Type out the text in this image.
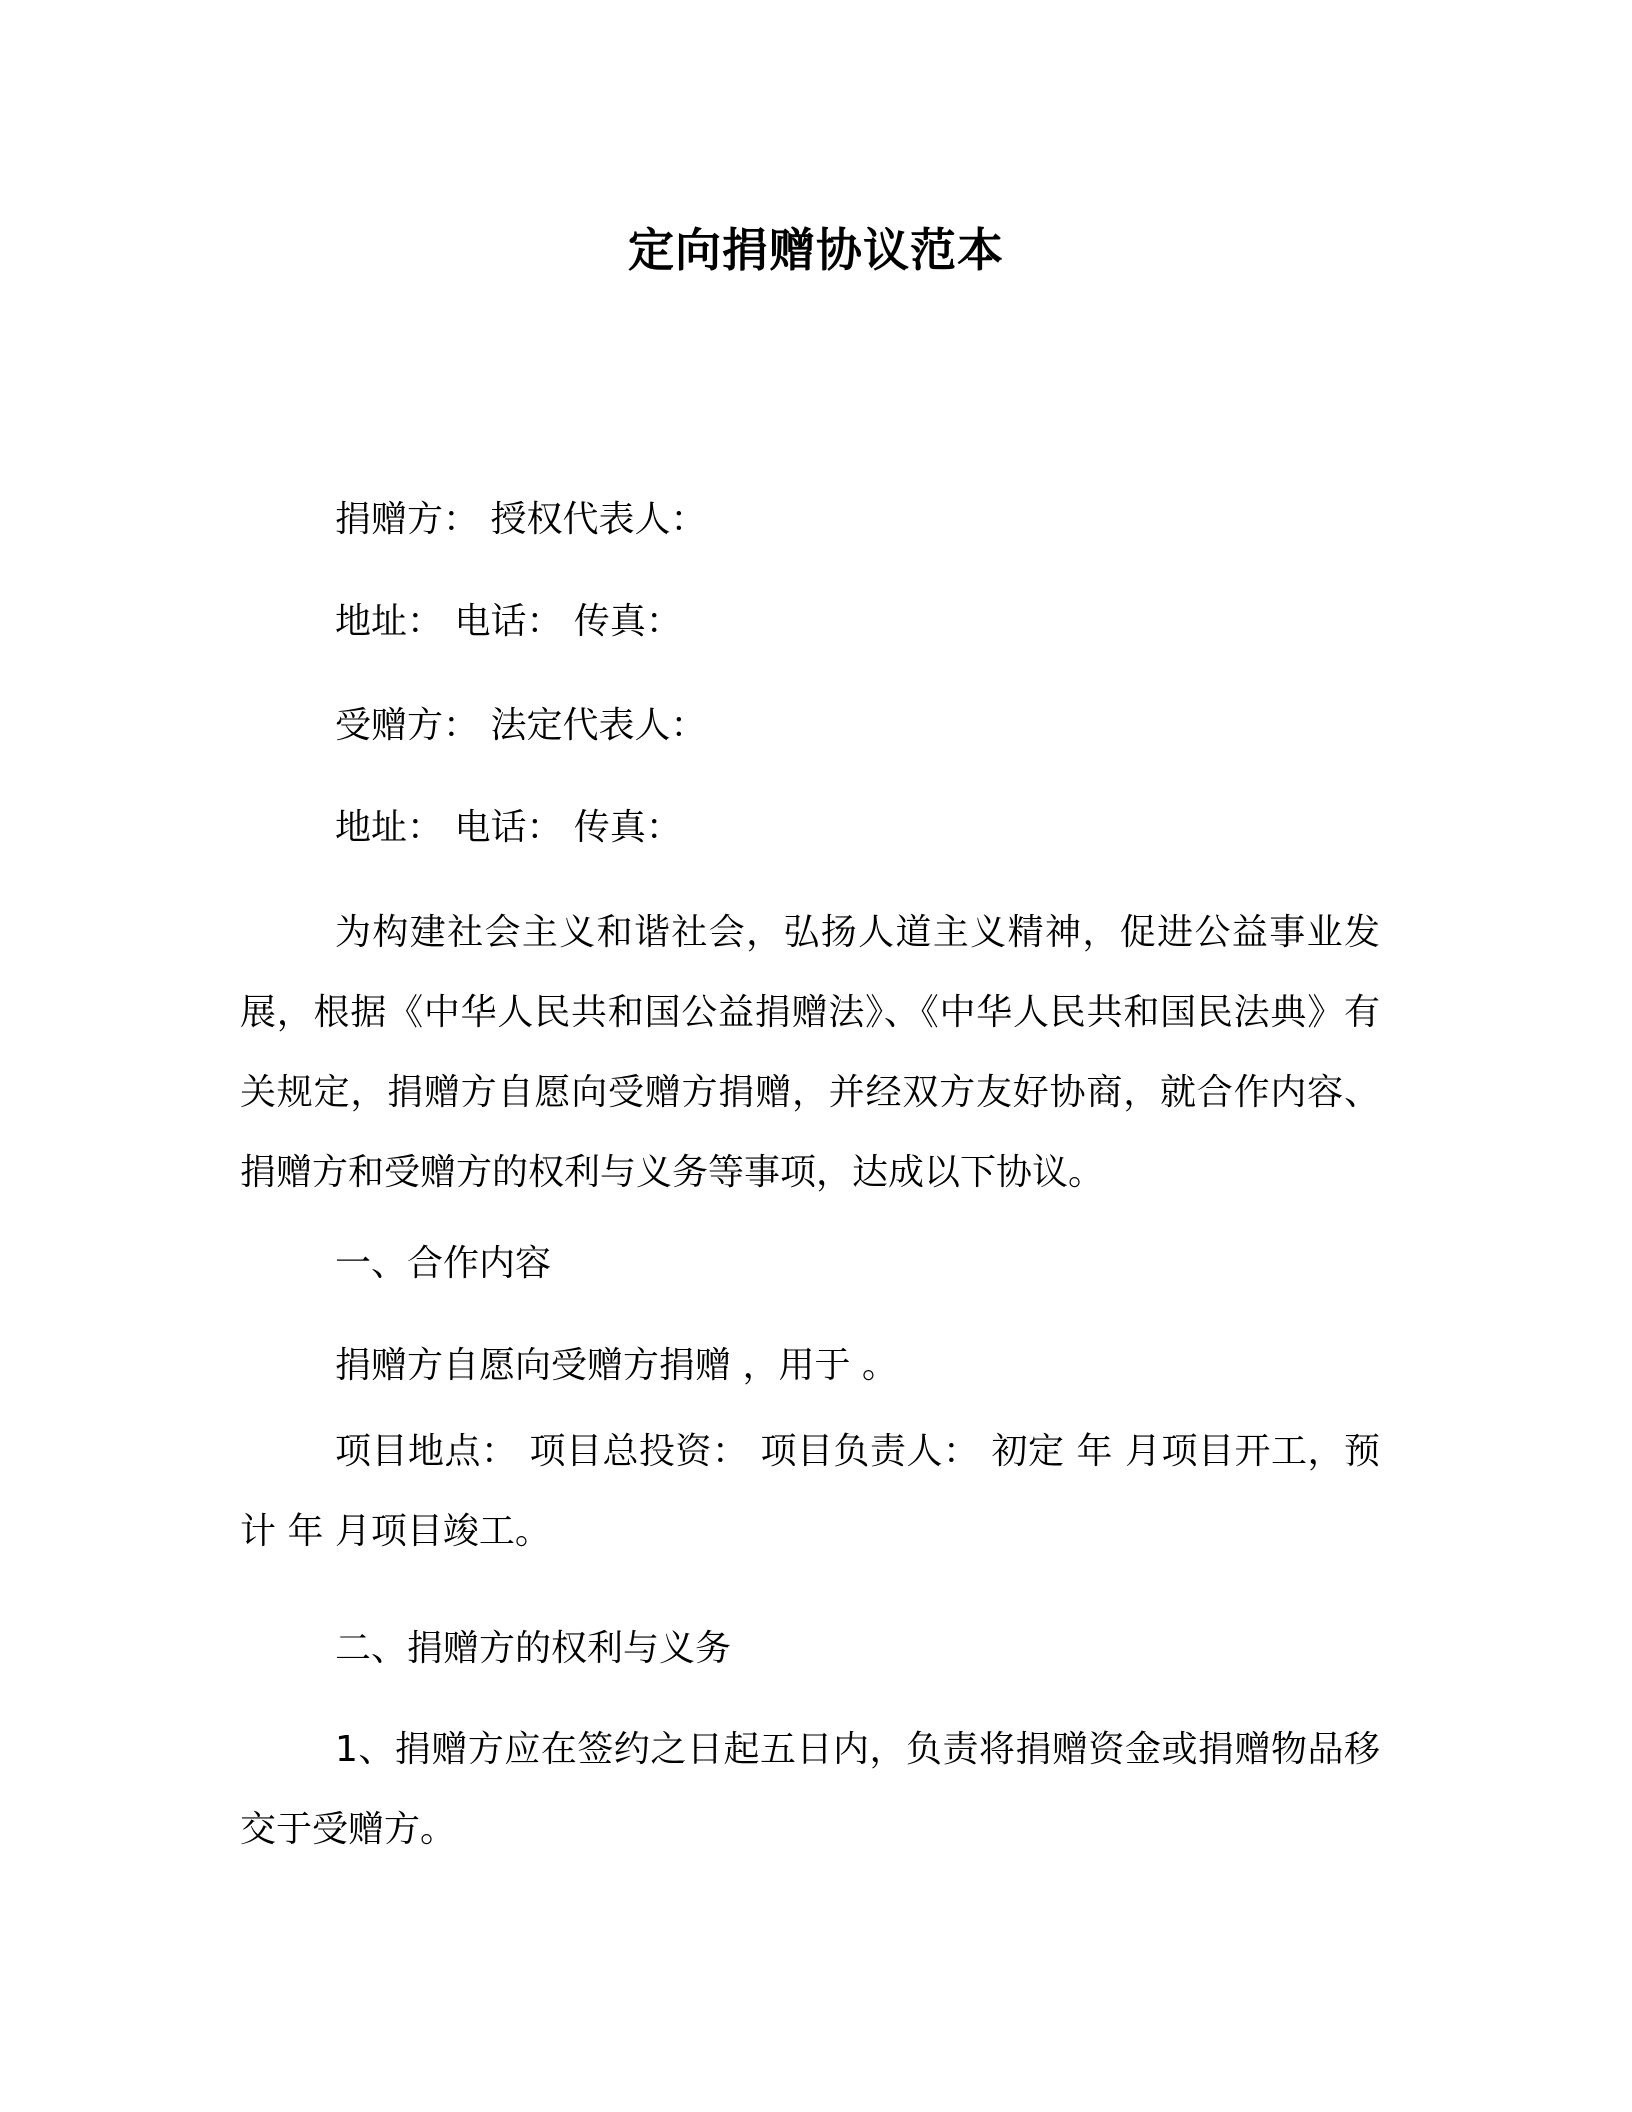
定向捐赠协议范本
捐赠方： 授权代表人：
地址： 电话： 传真：
受赠方： 法定代表人：
地址： 电话： 传真：
为构建社会主义和谐社会，弘扬人道主义精神，促进公益事业发展，根据《中华人民共和国公益捐赠法》、《中华人民共和国民法典》有关规定，捐赠方自愿向受赠方捐赠，并经双方友好协商，就合作内容、捐赠方和受赠方的权利与义务等事项，达成以下协议。
一、合作内容
捐赠方自愿向受赠方捐赠 ，用于 。
项目地点： 项目总投资： 项目负责人： 初定 年 月项目开工，预计 年 月项目竣工。
二、捐赠方的权利与义务
1、捐赠方应在签约之日起五日内，负责将捐赠资金或捐赠物品移交于受赠方。
